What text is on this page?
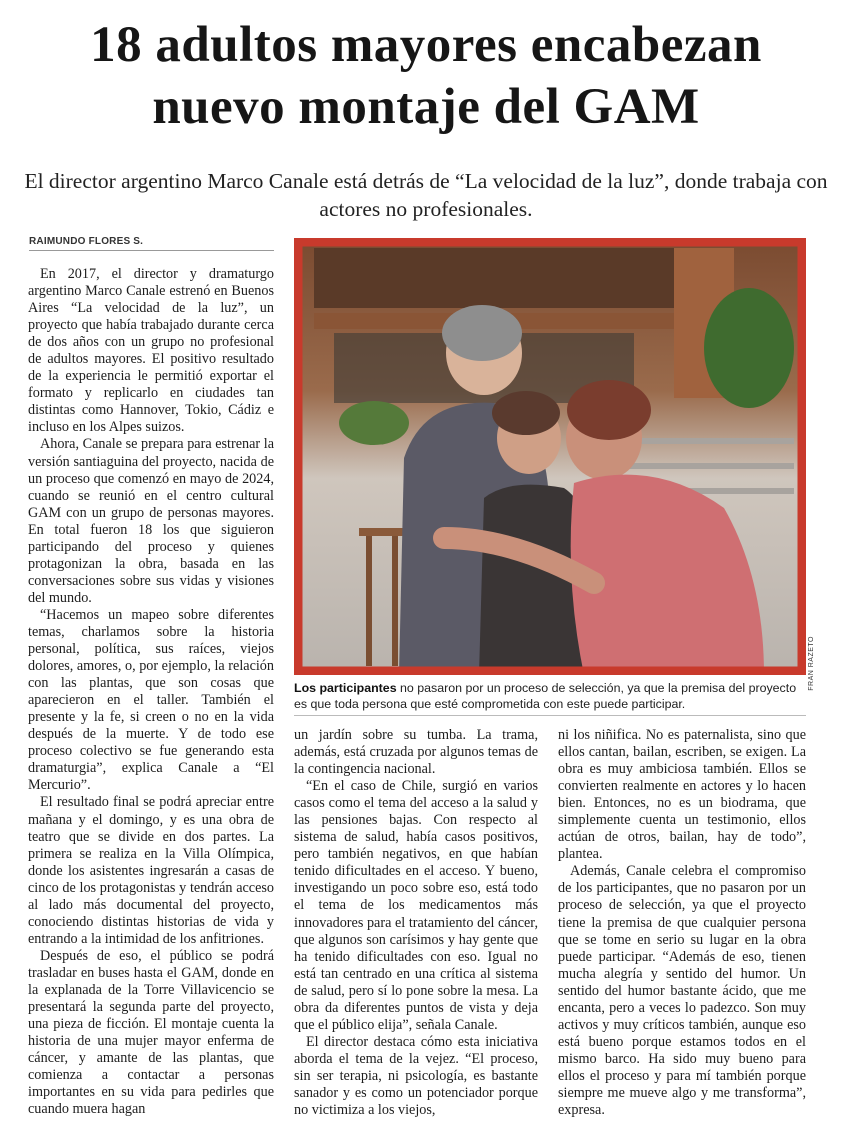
18 adultos mayores encabezan nuevo montaje del GAM
El director argentino Marco Canale está detrás de “La velocidad de la luz”, donde trabaja con actores no profesionales.
RAIMUNDO FLORES S.

En 2017, el director y dramaturgo argentino Marco Canale estrenó en Buenos Aires “La velocidad de la luz”, un proyecto que había trabajado durante cerca de dos años con un grupo no profesional de adultos mayores. El positivo resultado de la experiencia le permitió exportar el formato y replicarlo en ciudades tan distintas como Hannover, Tokio, Cádiz e incluso en los Alpes suizos.

Ahora, Canale se prepara para estrenar la versión santiaguina del proyecto, nacida de un proceso que comenzó en mayo de 2024, cuando se reunió en el centro cultural GAM con un grupo de personas mayores. En total fueron 18 los que siguieron participando del proceso y quienes protagonizan la obra, basada en las conversaciones sobre sus vidas y visiones del mundo.

“Hacemos un mapeo sobre diferentes temas, charlamos sobre la historia personal, política, sus raíces, viejos dolores, amores, o, por ejemplo, la relación con las plantas, que son cosas que aparecieron en el taller. También el presente y la fe, si creen o no en la vida después de la muerte. Y de todo ese proceso colectivo se fue generando esta dramaturgia”, explica Canale a “El Mercurio”.

El resultado final se podrá apreciar entre mañana y el domingo, y es una obra de teatro que se divide en dos partes. La primera se realiza en la Villa Olímpica, donde los asistentes ingresarán a casas de cinco de los protagonistas y tendrán acceso al lado más documental del proyecto, conociendo distintas historias de vida y entrando a la intimidad de los anfitriones.

Después de eso, el público se podrá trasladar en buses hasta el GAM, donde en la explanada de la Torre Villavicencio se presentará la segunda parte del proyecto, una pieza de ficción. El montaje cuenta la historia de una mujer mayor enferma de cáncer, y amante de las plantas, que comienza a contactar a personas importantes en su vida para pedirles que cuando muera hagan

FRAN RAZETO
Los participantes no pasaron por un proceso de selección, ya que la premisa del proyecto es que toda persona que esté comprometida con este puede participar.

un jardín sobre su tumba. La trama, además, está cruzada por algunos temas de la contingencia nacional.

“En el caso de Chile, surgió en varios casos como el tema del acceso a la salud y las pensiones bajas. Con respecto al sistema de salud, había casos positivos, pero también negativos, en que habían tenido dificultades en el acceso. Y bueno, investigando un poco sobre eso, está todo el tema de los medicamentos más innovadores para el tratamiento del cáncer, que algunos son carísimos y hay gente que ha tenido dificultades con eso. Igual no está tan centrado en una crítica al sistema de salud, pero sí lo pone sobre la mesa. La obra da diferentes puntos de vista y deja que el público elija”, señala Canale.

El director destaca cómo esta iniciativa aborda el tema de la vejez. “El proceso, sin ser terapia, ni psicología, es bastante sanador y es como un potenciador porque no victimiza a los viejos,

ni los niñifica. No es paternalista, sino que ellos cantan, bailan, escriben, se exigen. La obra es muy ambiciosa también. Ellos se convierten realmente en actores y lo hacen bien. Entonces, no es un biodrama, que simplemente cuenta un testimonio, ellos actúan de otros, bailan, hay de todo”, plantea.

Además, Canale celebra el compromiso de los participantes, que no pasaron por un proceso de selección, ya que el proyecto tiene la premisa de que cualquier persona que se tome en serio su lugar en la obra puede participar. “Además de eso, tienen mucha alegría y sentido del humor. Un sentido del humor bastante ácido, que me encanta, pero a veces lo padezco. Son muy activos y muy críticos también, aunque eso está bueno porque estamos todos en el mismo barco. Ha sido muy bueno para ellos el proceso y para mí también porque siempre me mueve algo y me transforma”, expresa.
